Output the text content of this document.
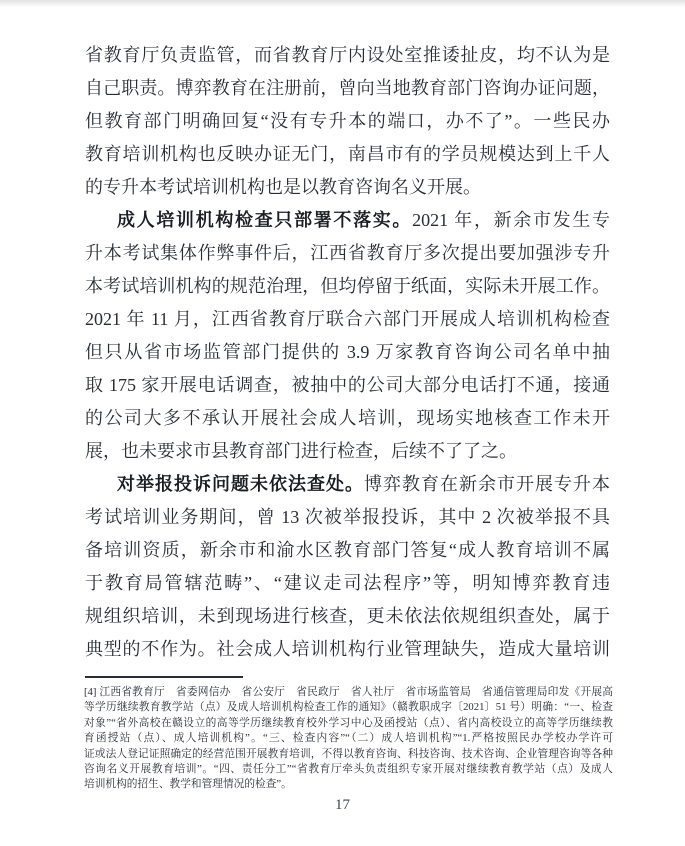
省教育厅负责监管，而省教育厅内设处室推诿扯皮，均不认为是
自己职责。博弈教育在注册前，曾向当地教育部门咨询办证问题，
但教育部门明确回复“没有专升本的端口，办不了”。一些民办
教育培训机构也反映办证无门，南昌市有的学员规模达到上千人
的专升本考试培训机构也是以教育咨询名义开展。
成人培训机构检查只部署不落实。2021 年，新余市发生专
升本考试集体作弊事件后，江西省教育厅多次提出要加强涉专升
本考试培训机构的规范治理，但均停留于纸面，实际未开展工作。
2021 年 11 月，江西省教育厅联合六部门开展成人培训机构检查
但只从省市场监管部门提供的 3.9 万家教育咨询公司名单中抽
取 175 家开展电话调查，被抽中的公司大部分电话打不通，接通
的公司大多不承认开展社会成人培训，现场实地核查工作未开
展，也未要求市县教育部门进行检查，后续不了了之。
对举报投诉问题未依法查处。博弈教育在新余市开展专升本
考试培训业务期间，曾 13 次被举报投诉，其中 2 次被举报不具
备培训资质，新余市和渝水区教育部门答复“成人教育培训不属
于教育局管辖范畴”、“建议走司法程序”等，明知博弈教育违
规组织培训，未到现场进行核查，更未依法依规组织查处，属于
典型的不作为。社会成人培训机构行业管理缺失，造成大量培训
[4] 江西省教育厅　省委网信办　省公安厅　省民政厅　省人社厅　省市场监管局　省通信管理局印发《开展高
等学历继续教育教学站（点）及成人培训机构检查工作的通知》（赣教职成字〔2021〕51 号）明确：“一、检查
对象”“省外高校在赣设立的高等学历继续教育校外学习中心及函授站（点）、省内高校设立的高等学历继续教
育函授站（点）、成人培训机构”。“三、检查内容”“（二）成人培训机构”“1.严格按照民办学校办学许可
证或法人登记证照确定的经营范围开展教育培训，不得以教育咨询、科技咨询、技术咨询、企业管理咨询等各种
咨询名义开展教育培训”。“四、责任分工”“省教育厅牵头负责组织专家开展对继续教育教学站（点）及成人
培训机构的招生、教学和管理情况的检查”。
17
